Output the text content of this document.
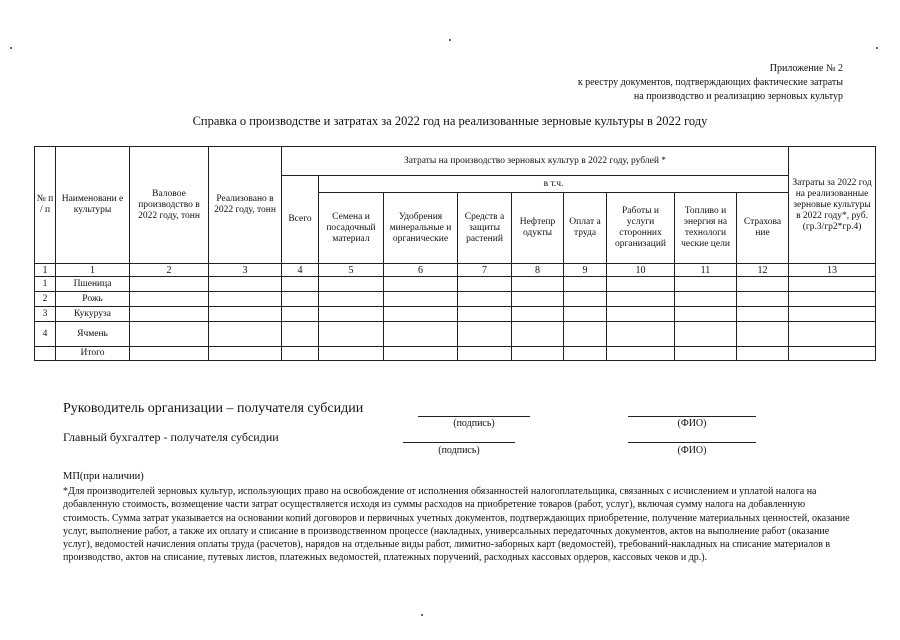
Приложение № 2
к реестру документов, подтверждающих фактические затраты
на производство и реализацию зерновых культур
Справка о производстве и затратах за 2022 год на реализованные зерновые культуры в 2022 году
№ п / п	Наименовани е культуры	Валовое производство в 2022 году, тонн	Реализовано в 2022 году, тонн	Затраты на производство зерновых культур в 2022 году, рублей *									Затраты за 2022 год на реализованные зерновые культуры в 2022 году*, руб. (гр.3/гр2*гр.4)
				Всего	в т.ч.								
					Семена и посадочный материал	Удобрения минеральные и органические	Средств а защиты растений	Нефтепр одукты	Оплат а труда	Работы и услуги сторонних организаций	Топливо и энергия на технологи ческие цели	Страхова ние	
1	1	2	3	4	5	6	7	8	9	10	11	12	13
1	Пшеница												
2	Рожь												
3	Кукуруза												
4	Ячмень												
	Итого												
Руководитель организации – получателя субсидии
(подпись)	(ФИО)
Главный бухгалтер - получателя субсидии
(подпись)	(ФИО)
МП(при наличии)
*Для производителей зерновых культур, использующих право на освобождение от исполнения обязанностей налогоплательщика, связанных с исчислением и уплатой налога на добавленную стоимость, возмещение части затрат осуществляется исходя из суммы расходов на приобретение товаров (работ, услуг), включая сумму налога на добавленную стоимость. Сумма затрат указывается на основании копий договоров и первичных учетных документов, подтверждающих приобретение, получение материальных ценностей, оказание услуг, выполнение работ, а также их оплату и списание в производственном процессе (накладных, универсальных передаточных документов, актов на выполнение работ (оказание услуг), ведомостей начисления оплаты труда (расчетов), нарядов на отдельные виды работ, лимитно-заборных карт (ведомостей), требований-накладных на списание материалов в производство, актов на списание, путевых листов, платежных ведомостей, платежных поручений, расходных кассовых ордеров, кассовых чеков и др.).
